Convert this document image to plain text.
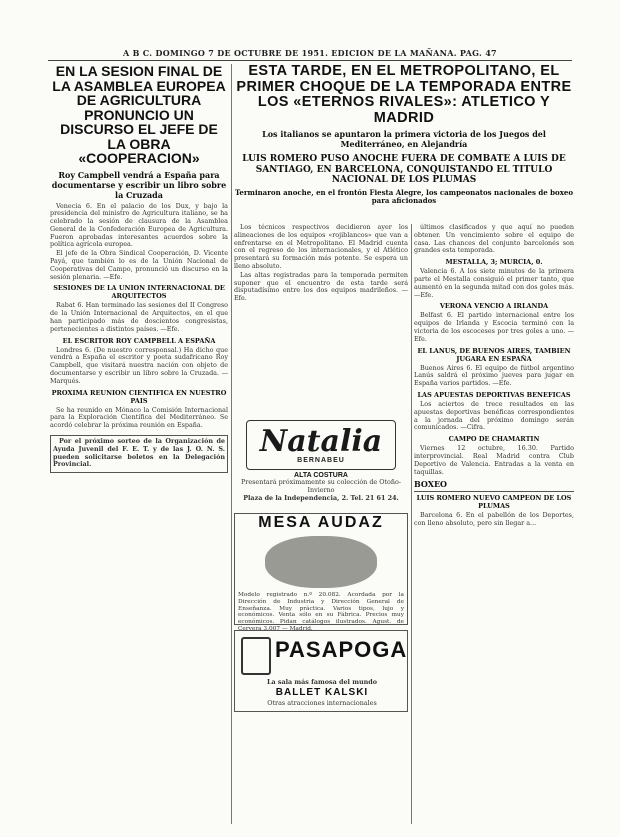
A B C. DOMINGO 7 DE OCTUBRE DE 1951. EDICION DE LA MAÑANA. PAG. 47
EN LA SESION FINAL DE LA ASAMBLEA EUROPEA DE AGRICULTURA PRONUNCIO UN DISCURSO EL JEFE DE LA OBRA «COOPERACION»
Roy Campbell vendrá a España para documentarse y escribir un libro sobre la Cruzada

Venecia 6. En el palacio de los Dux, y bajo la presidencia del ministro de Agricultura italiano, se ha celebrado la sesión de clausura de la Asamblea General de la Confederación Europea de Agricultura. Fueron aprobadas interesantes acuerdos sobre la política agrícola europea.

El jefe de la Obra Sindical Cooperación, D. Vicente Payá, que también lo es de la Unión Nacional de Cooperativas del Campo, pronunció un discurso en la sesión plenaria. —Efe.

SESIONES DE LA UNION INTERNACIONAL DE ARQUITECTOS

Rabat 6. Han terminado las sesiones del II Congreso de la Unión Internacional de Arquitectos, en el que han participado más de doscientos congresistas, pertenecientes a distintos países. —Efe.

EL ESCRITOR ROY CAMPBELL A ESPAÑA

Londres 6. (De nuestro corresponsal.) Ha dicho que vendrá a España el escritor y poeta sudafricano Roy Campbell, que visitará nuestra nación con objeto de documentarse y escribir un libro sobre la Cruzada. —Marqués.

PROXIMA REUNION CIENTIFICA EN NUESTRO PAIS

Se ha reunido en Mónaco la Comisión Internacional para la Exploración Científica del Mediterráneo. Se acordó celebrar la próxima reunión en España.

Por el próximo sorteo de la Organización de Ayuda Juvenil del F. E. T. y de las J. O. N. S. pueden solicitarse boletos en la Delegación Provincial.

ESTA TARDE, EN EL METROPOLITANO, EL PRIMER CHOQUE DE LA TEMPORADA ENTRE LOS «ETERNOS RIVALES»: ATLETICO Y MADRID
Los italianos se apuntaron la primera victoria de los Juegos del Mediterráneo, en Alejandría
LUIS ROMERO PUSO ANOCHE FUERA DE COMBATE A LUIS DE SANTIAGO, EN BARCELONA, CONQUISTANDO EL TITULO NACIONAL DE LOS PLUMAS
Terminaron anoche, en el frontón Fiesta Alegre, los campeonatos nacionales de boxeo para aficionados

Los técnicos respectivos decidieron ayer los alineaciones de los equipos «rojiblancos» que van a enfrentarse en el Metropolitano. El Madrid cuenta con el regreso de los internacionales, y el Atlético presentará su formación más potente. Se espera un lleno absoluto.

Las altas registradas para la temporada permiten suponer que el encuentro de esta tarde será disputadísimo entre los dos equipos madrileños. —Efe.

Natalia
BERNABEU
ALTA COSTURA
Presentará próximamente su colección de Otoño-Invierno
Plaza de la Independencia, 2. Tel. 21 61 24.
MESA AUDAZ
Modelo registrado n.º 20.082. Acordada por la Dirección de Industria y Dirección General de Enseñanza. Muy práctica. Varios tipos, lujo y económicos. Venta sólo en su Fábrica. Precios muy económicos. Pidan catálogos ilustrados. Agust. de Cervera 3.007 — Madrid.
PASAPOGA
La sala más famosa del mundo
BALLET KALSKI
Otras atracciones internacionales

últimos clasificados y que aquí no pueden obtener. Un vencimiento sobre el equipo de casa. Las chances del conjunto barcelonés son grandes esta temporada.

MESTALLA, 3; MURCIA, 0.

Valencia 6. A los siete minutos de la primera parte el Mestalla consiguió el primer tanto, que aumentó en la segunda mitad con dos goles más. —Efe.

VERONA VENCIO A IRLANDA

Belfast 6. El partido internacional entre los equipos de Irlanda y Escocia terminó con la victoria de los escoceses por tres goles a uno. —Efe.

EL LANUS, DE BUENOS AIRES, TAMBIEN JUGARA EN ESPAÑA

Buenos Aires 6. El equipo de fútbol argentino Lanús saldrá el próximo jueves para jugar en España varios partidos. —Efe.

LAS APUESTAS DEPORTIVAS BENEFICAS

Los aciertos de trece resultados en las apuestas deportivas benéficas correspondientes a la jornada del próximo domingo serán comunicados. —Cifra.

CAMPO DE CHAMARTIN

Viernes 12 octubre, 16.30. Partido interprovincial. Real Madrid contra Club Deportivo de Valencia. Entradas a la venta en taquillas.

BOXEO
LUIS ROMERO NUEVO CAMPEON DE LOS PLUMAS

Barcelona 6. En el pabellón de los Deportes, con lleno absoluto, pero sin llegar a...
